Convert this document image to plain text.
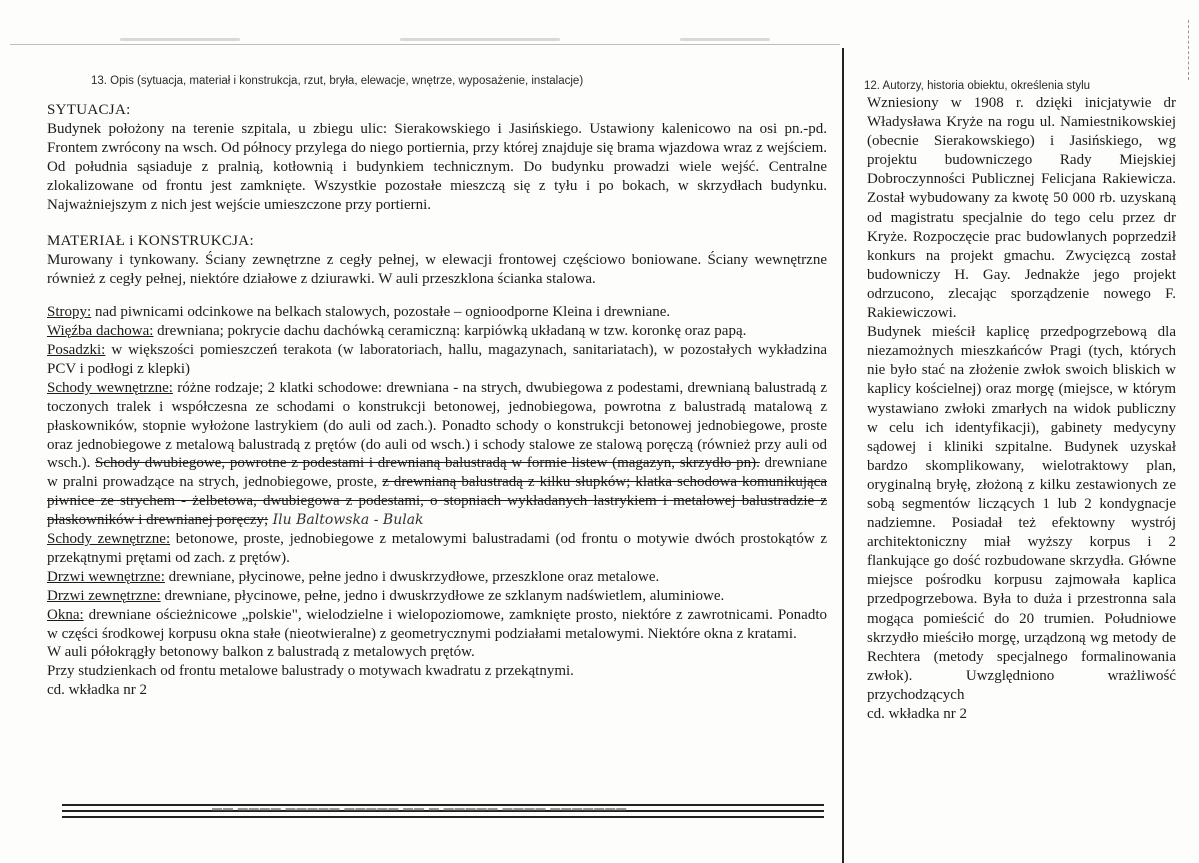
13. Opis (sytuacja, materiał i konstrukcja, rzut, bryła, elewacje, wnętrze, wyposażenie, instalacje)	12. Autorzy, historia obiektu, określenia stylu

SYTUACJA:

Budynek położony na terenie szpitala, u zbiegu ulic: Sierakowskiego i Jasińskiego. Ustawiony kalenicowo na osi pn.-pd. Frontem zwrócony na wsch. Od północy przylega do niego portiernia, przy której znajduje się brama wjazdowa wraz z wejściem. Od południa sąsiaduje z pralnią, kotłownią i budynkiem technicznym. Do budynku prowadzi wiele wejść. Centralne zlokalizowane od frontu jest zamknięte. Wszystkie pozostałe mieszczą się z tyłu i po bokach, w skrzydłach budynku. Najważniejszym z nich jest wejście umieszczone przy portierni.

MATERIAŁ i KONSTRUKCJA:

Murowany i tynkowany. Ściany zewnętrzne z cegły pełnej, w elewacji frontowej częściowo boniowane. Ściany wewnętrzne również z cegły pełnej, niektóre działowe z dziurawki. W auli przeszklona ścianka stalowa.

Stropy: nad piwnicami odcinkowe na belkach stalowych, pozostałe – ognioodporne Kleina i drewniane.

Więźba dachowa: drewniana; pokrycie dachu dachówką ceramiczną: karpiówką układaną w tzw. koronkę oraz papą.

Posadzki: w większości pomieszczeń terakota (w laboratoriach, hallu, magazynach, sanitariatach), w pozostałych wykładzina PCV i podłogi z klepki)

Schody wewnętrzne: różne rodzaje; 2 klatki schodowe: drewniana - na strych, dwubiegowa z podestami, drewnianą balustradą z toczonych tralek i współczesna ze schodami o konstrukcji betonowej, jednobiegowa, powrotna z balustradą matalową z płaskowników, stopnie wyłożone lastrykiem (do auli od zach.). Ponadto schody o konstrukcji betonowej jednobiegowe, proste oraz jednobiegowe z metalową balustradą z prętów (do auli od wsch.) i schody stalowe ze stalową poręczą (również przy auli od wsch.). Schody dwubiegowe, powrotne z podestami i drewnianą balustradą w formie listew (magazyn, skrzydło pn). drewniane w pralni prowadzące na strych, jednobiegowe, proste, z drewnianą balustradą z kilku słupków; klatka schodowa komunikująca piwnice ze strychem - żelbetowa, dwubiegowa z podestami, o stopniach wykładanych lastrykiem i metalowej balustradzie z płaskowników i drewnianej poręczy; Ilu Baltowska - Bulak

Schody zewnętrzne: betonowe, proste, jednobiegowe z metalowymi balustradami (od frontu o motywie dwóch prostokątów z przekątnymi prętami od zach. z prętów).

Drzwi wewnętrzne: drewniane, płycinowe, pełne jedno i dwuskrzydłowe, przeszklone oraz metalowe.

Drzwi zewnętrzne: drewniane, płycinowe, pełne, jedno i dwuskrzydłowe ze szklanym nadświetlem, aluminiowe.

Okna: drewniane ościeżnicowe „polskie", wielodzielne i wielopoziomowe, zamknięte prosto, niektóre z zawrotnicami. Ponadto w części środkowej korpusu okna stałe (nieotwieralne) z geometrycznymi podziałami metalowymi. Niektóre okna z kratami.

W auli półokrągły betonowy balkon z balustradą z metalowych prętów.

Przy studzienkach od frontu metalowe balustrady o motywach kwadratu z przekątnymi.

cd. wkładka nr 2

Wzniesiony w 1908 r. dzięki inicjatywie dr Władysława Kryże na rogu ul. Namiestnikowskiej (obecnie Sierakowskiego) i Jasińskiego, wg projektu budowniczego Rady Miejskiej Dobroczynności Publicznej Felicjana Rakiewicza. Został wybudowany za kwotę 50 000 rb. uzyskaną od magistratu specjalnie do tego celu przez dr Kryże. Rozpoczęcie prac budowlanych poprzedził konkurs na projekt gmachu. Zwycięzcą został budowniczy H. Gay. Jednakże jego projekt odrzucono, zlecając sporządzenie nowego F. Rakiewiczowi.

Budynek mieścił kaplicę przedpogrzebową dla niezamożnych mieszkańców Pragi (tych, których nie było stać na złożenie zwłok swoich bliskich w kaplicy kościelnej) oraz morgę (miejsce, w którym wystawiano zwłoki zmarłych na widok publiczny w celu ich identyfikacji), gabinety medycyny sądowej i kliniki szpitalne. Budynek uzyskał bardzo skomplikowany, wielotraktowy plan, oryginalną bryłę, złożoną z kilku zestawionych ze sobą segmentów liczących 1 lub 2 kondygnacje nadziemne. Posiadał też efektowny wystrój architektoniczny miał wyższy korpus i 2 flankujące go dość rozbudowane skrzydła. Główne miejsce pośrodku korpusu zajmowała kaplica przedpogrzebowa. Była to duża i przestronna sala mogąca pomieścić do 20 trumien. Południowe skrzydło mieściło morgę, urządzoną wg metody de Rechtera (metody specjalnego formalinowania zwłok). Uwzględniono wrażliwość przychodzących

cd. wkładka nr 2

▬▬ ▬▬▬▬ ▬▬▬▬▬ ▬▬▬▬▬ ▬▬ ▬ ▬▬▬▬▬ ▬▬▬▬ ▬▬▬▬▬▬▬
